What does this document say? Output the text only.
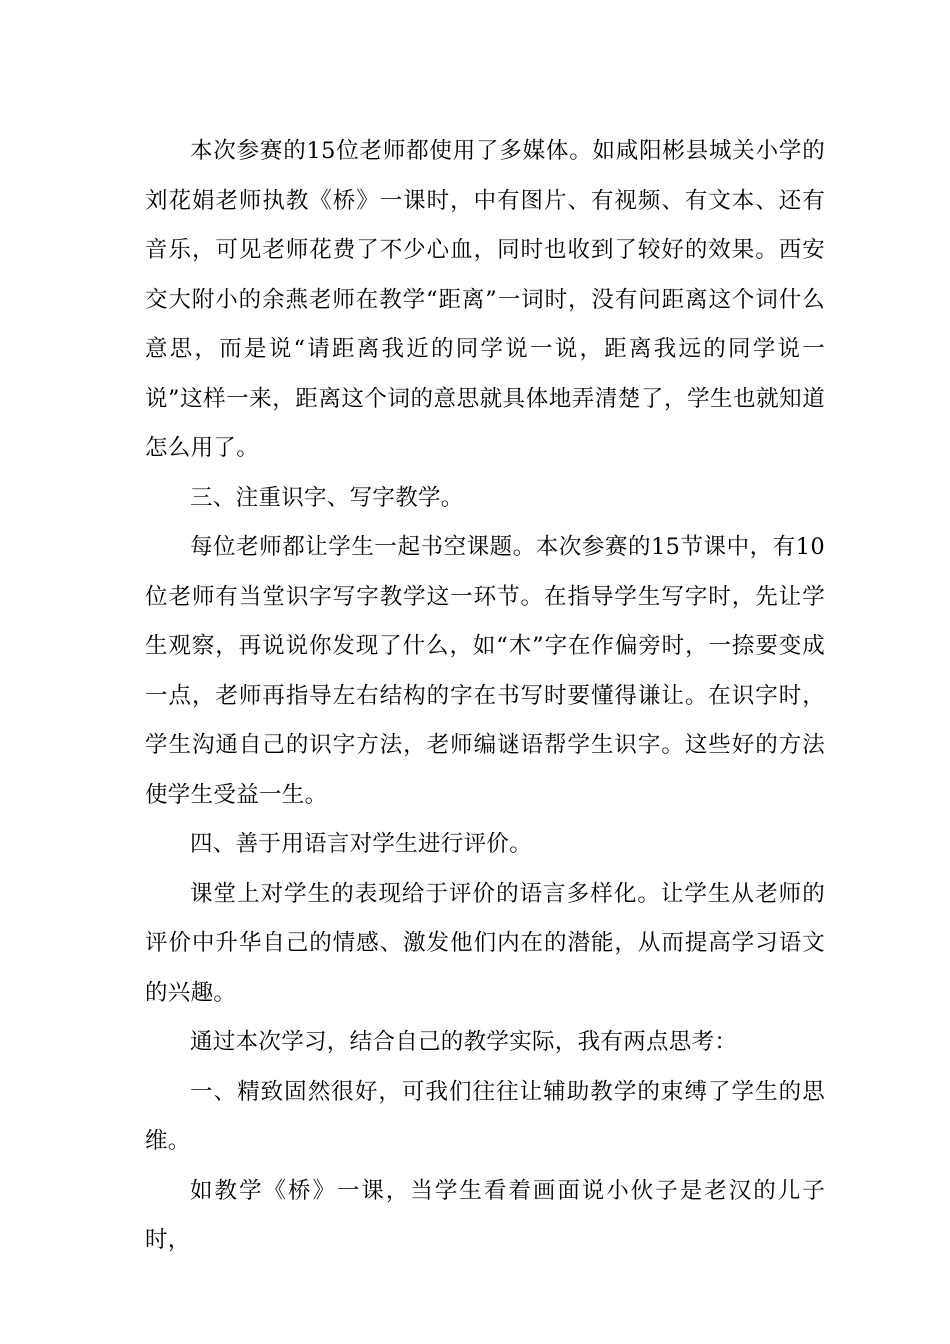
本次参赛的15位老师都使用了多媒体。如咸阳彬县城关小学的刘花娟老师执教《桥》一课时，中有图片、有视频、有文本、还有音乐，可见老师花费了不少心血，同时也收到了较好的效果。西安交大附小的余燕老师在教学“距离”一词时，没有问距离这个词什么意思，而是说“请距离我近的同学说一说，距离我远的同学说一说”这样一来，距离这个词的意思就具体地弄清楚了，学生也就知道怎么用了。

三、注重识字、写字教学。

每位老师都让学生一起书空课题。本次参赛的15节课中，有10位老师有当堂识字写字教学这一环节。在指导学生写字时，先让学生观察，再说说你发现了什么，如“木”字在作偏旁时，一捺要变成一点，老师再指导左右结构的字在书写时要懂得谦让。在识字时，学生沟通自己的识字方法，老师编谜语帮学生识字。这些好的方法使学生受益一生。

四、善于用语言对学生进行评价。

课堂上对学生的表现给于评价的语言多样化。让学生从老师的评价中升华自己的情感、激发他们内在的潜能，从而提高学习语文的兴趣。

通过本次学习，结合自己的教学实际，我有两点思考：

一、精致固然很好，可我们往往让辅助教学的束缚了学生的思维。

如教学《桥》一课，当学生看着画面说小伙子是老汉的儿子时，
